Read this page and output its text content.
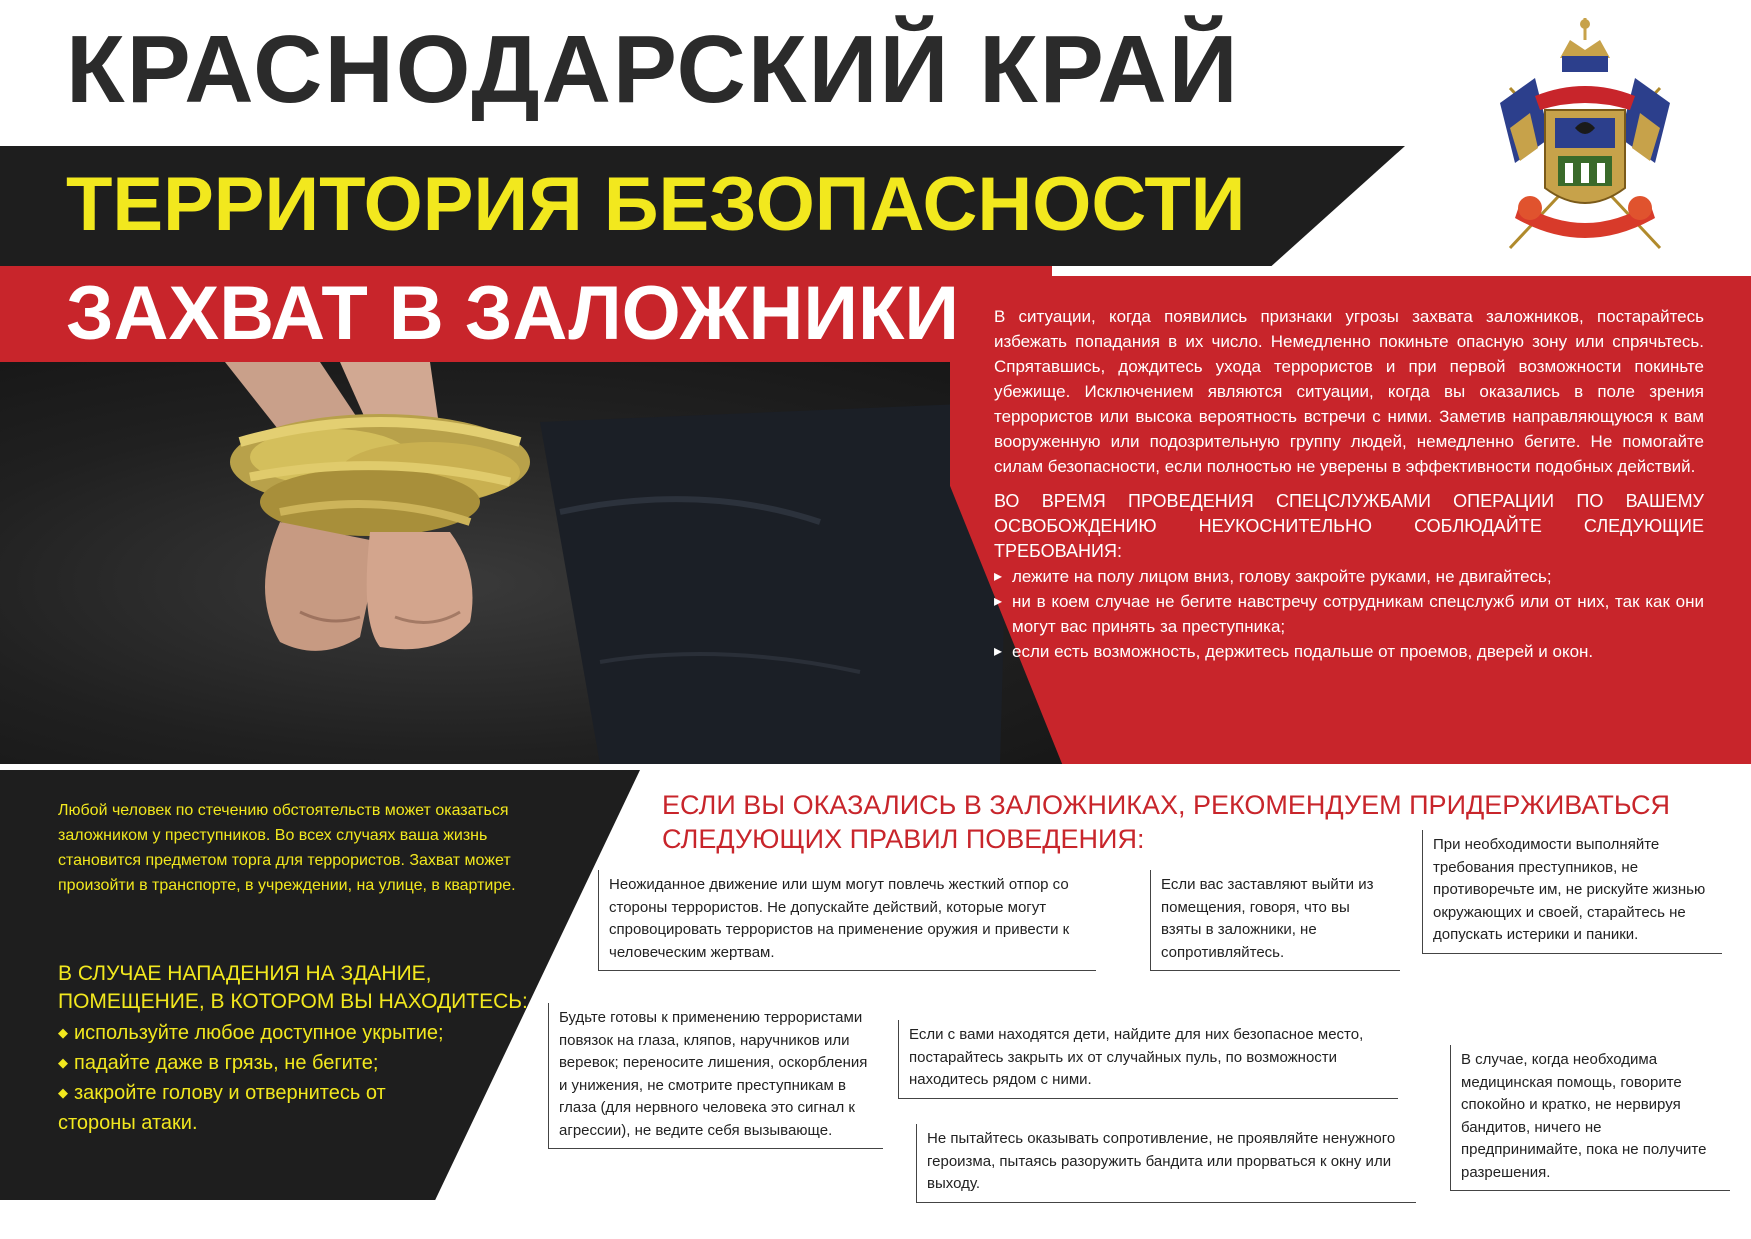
КРАСНОДАРСКИЙ КРАЙ
ТЕРРИТОРИЯ БЕЗОПАСНОСТИ
ЗАХВАТ В ЗАЛОЖНИКИ В ситуации, когда появились признаки угрозы захвата заложников, постарайтесь избежать попадания в их число. Немедленно покиньте опасную зону или спрячьтесь. Спрятавшись, дождитесь ухода террористов и при первой возможности покиньте убежище. Исключением являются ситуации, когда вы оказались в поле зрения террористов или высока вероятность встречи с ними. Заметив направляющуюся к вам вооруженную или подозрительную группу людей, немедленно бегите. Не помогайте силам безопасности, если полностью не уверены в эффективности подобных действий.

ВО ВРЕМЯ ПРОВЕДЕНИЯ СПЕЦСЛУЖБАМИ ОПЕРАЦИИ ПО ВАШЕМУ ОСВОБОЖДЕНИЮ НЕУКОСНИТЕЛЬНО СОБЛЮДАЙТЕ СЛЕДУЮЩИЕ ТРЕБОВАНИЯ:

▸ лежите на полу лицом вниз, голову закройте руками, не двигайтесь;
▸ ни в коем случае не бегите навстречу сотрудникам спецслужб или от них, так как они могут вас принять за преступника;
▸ если есть возможность, держитесь подальше от проемов, дверей и окон.

Любой человек по стечению обстоятельств может оказаться заложником у преступников. Во всех случаях ваша жизнь становится предметом торга для террористов. Захват может произойти в транспорте, в учреждении, на улице, в квартире.

В СЛУЧАЕ НАПАДЕНИЯ НА ЗДАНИЕ, ПОМЕЩЕНИЕ, В КОТОРОМ ВЫ НАХОДИТЕСЬ:
◆ используйте любое доступное укрытие;
◆ падайте даже в грязь, не бегите;
◆ закройте голову и отвернитесь от стороны атаки.
ЕСЛИ ВЫ ОКАЗАЛИСЬ В ЗАЛОЖНИКАХ, РЕКОМЕНДУЕМ ПРИДЕРЖИВАТЬСЯ СЛЕДУЮЩИХ ПРАВИЛ ПОВЕДЕНИЯ:

Неожиданное движение или шум могут повлечь жесткий отпор со стороны террористов. Не допускайте действий, которые могут спровоцировать террористов на применение оружия и привести к человеческим жертвам.

Если вас заставляют выйти из помещения, говоря, что вы взяты в заложники, не сопротивляйтесь.

При необходимости выполняйте требования преступников, не противоречьте им, не рискуйте жизнью окружающих и своей, старайтесь не допускать истерики и паники.

Будьте готовы к применению террористами повязок на глаза, кляпов, наручников или веревок; переносите лишения, оскорбления и унижения, не смотрите преступникам в глаза (для нервного человека это сигнал к агрессии), не ведите себя вызывающе.

Если с вами находятся дети, найдите для них безопасное место, постарайтесь закрыть их от случайных пуль, по возможности находитесь рядом с ними.

В случае, когда необходима медицинская помощь, говорите спокойно и кратко, не нервируя бандитов, ничего не предпринимайте, пока не получите разрешения.

Не пытайтесь оказывать сопротивление, не проявляйте ненужного героизма, пытаясь разоружить бандита или прорваться к окну или выходу.
